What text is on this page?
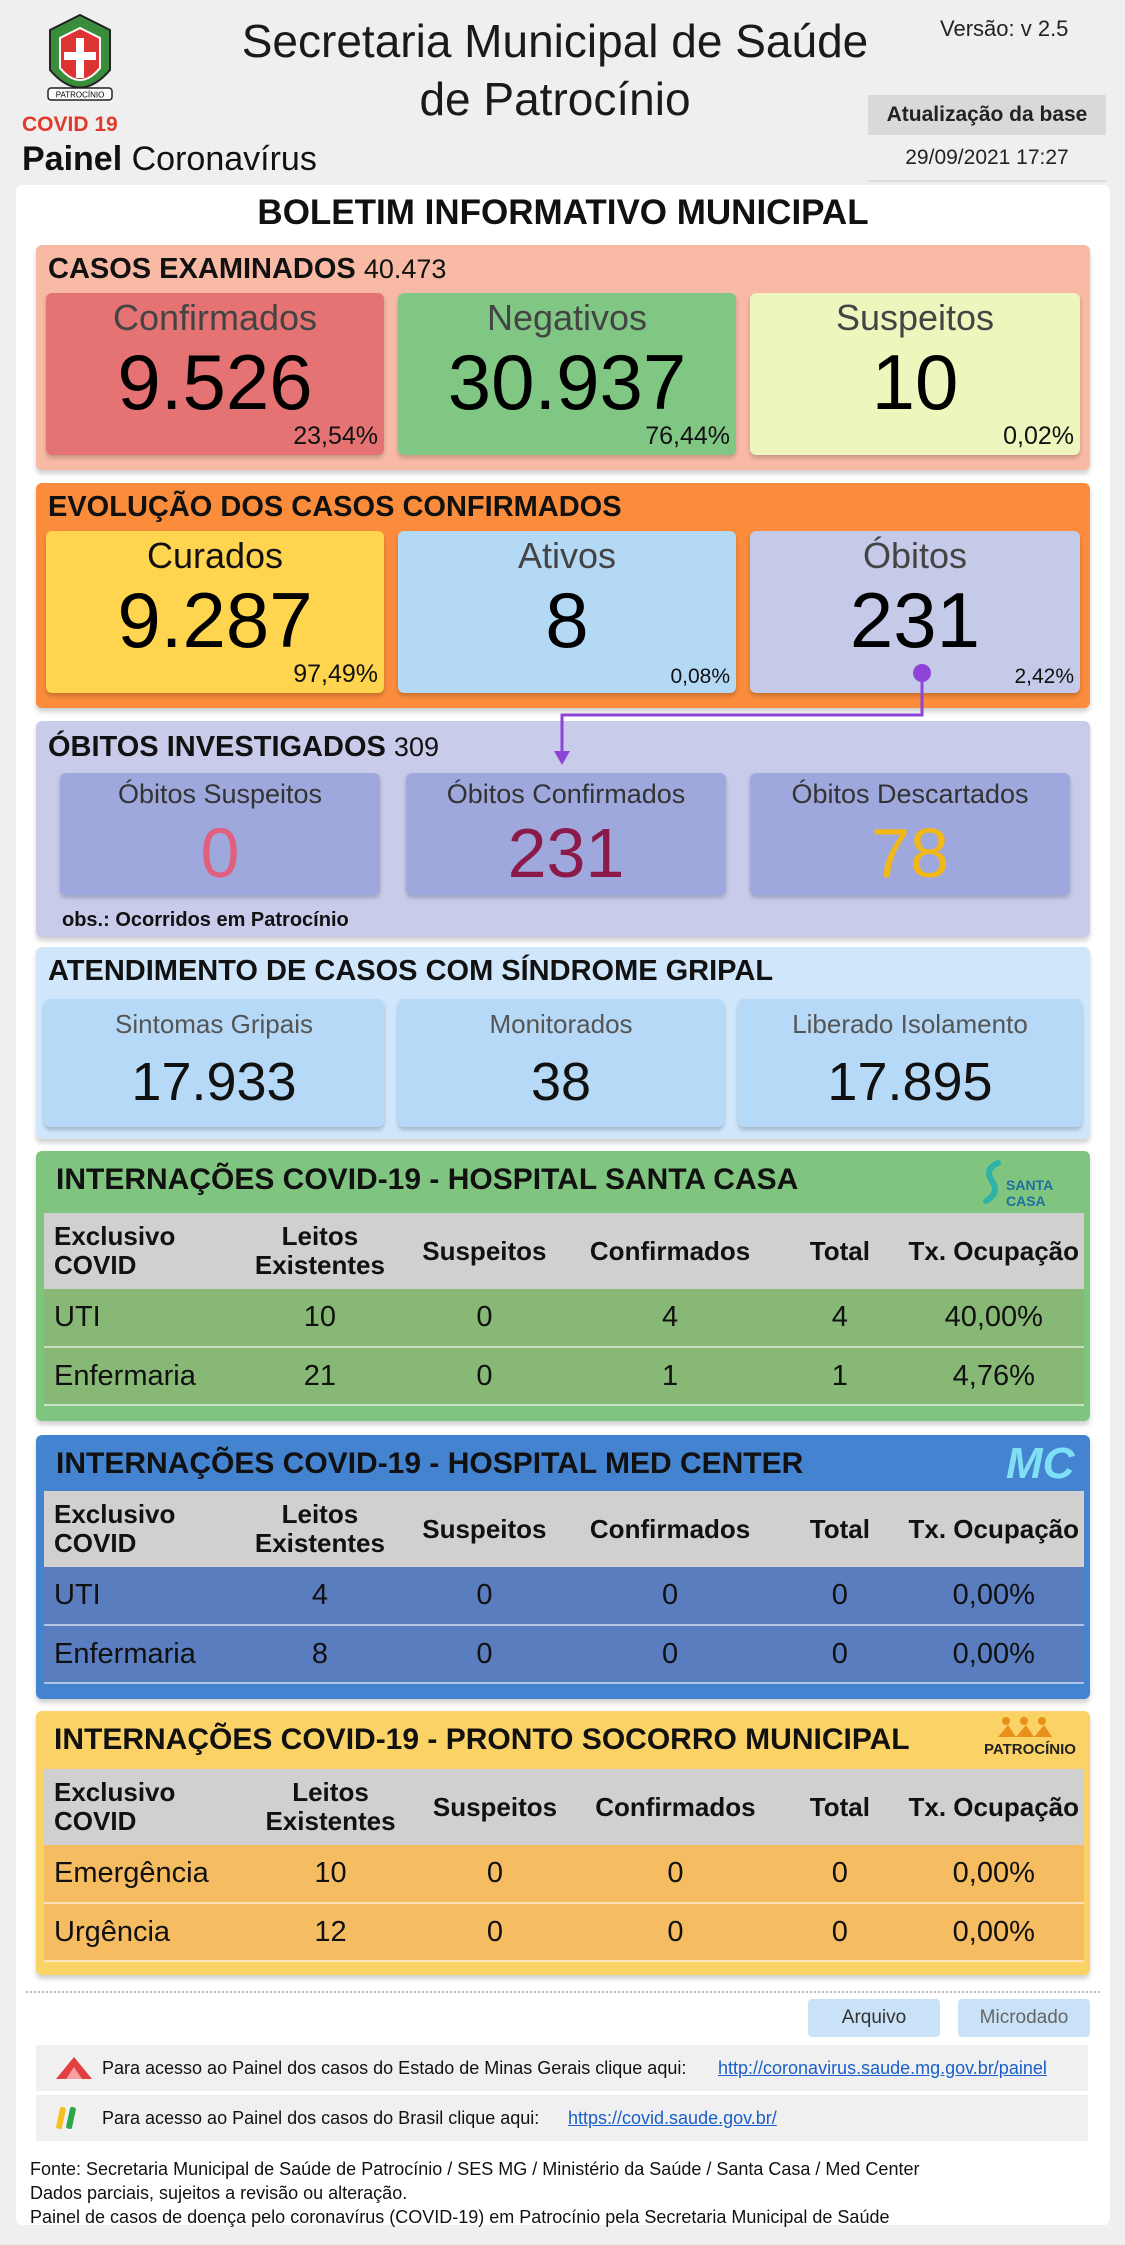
PATROCÍNIO
COVID 19
Painel Coronavírus
Secretaria Municipal de Saúde
de Patrocínio
Versão: v 2.5
Atualização da base
29/09/2021 17:27
BOLETIM INFORMATIVO MUNICIPAL
CASOS EXAMINADOS 40.473
Confirmados
9.526
23,54%
Negativos
30.937
76,44%
Suspeitos
10
0,02%
EVOLUÇÃO DOS CASOS CONFIRMADOS
Curados
9.287
97,49%
Ativos
8
0,08%
Óbitos
231
2,42%
ÓBITOS INVESTIGADOS 309
Óbitos Suspeitos
0
Óbitos Confirmados
231
Óbitos Descartados
78
obs.: Ocorridos em Patrocínio
ATENDIMENTO DE CASOS COM SÍNDROME GRIPAL
Sintomas Gripais
17.933
Monitorados
38
Liberado Isolamento
17.895
INTERNAÇÕES COVID-19 - HOSPITAL SANTA CASA	SANTA CASA
Exclusivo COVID	Leitos Existentes	Suspeitos	Confirmados	Total	Tx. Ocupação
UTI	10	0	4	4	40,00%
Enfermaria	21	0	1	1	4,76%
INTERNAÇÕES COVID-19 - HOSPITAL MED CENTER	MC
Exclusivo COVID	Leitos Existentes	Suspeitos	Confirmados	Total	Tx. Ocupação
UTI	4	0	0	0	0,00%
Enfermaria	8	0	0	0	0,00%
INTERNAÇÕES COVID-19 - PRONTO SOCORRO MUNICIPAL	PATROCÍNIO
Exclusivo COVID	Leitos Existentes	Suspeitos	Confirmados	Total	Tx. Ocupação
Emergência	10	0	0	0	0,00%
Urgência	12	0	0	0	0,00%
Arquivo	Microdado
Para acesso ao Painel dos casos do Estado de Minas Gerais clique aqui: http://coronavirus.saude.mg.gov.br/painel
Para acesso ao Painel dos casos do Brasil clique aqui: https://covid.saude.gov.br/
Fonte: Secretaria Municipal de Saúde de Patrocínio / SES MG / Ministério da Saúde / Santa Casa / Med Center
Dados parciais, sujeitos a revisão ou alteração.
Painel de casos de doença pelo coronavírus (COVID-19) em Patrocínio pela Secretaria Municipal de Saúde
